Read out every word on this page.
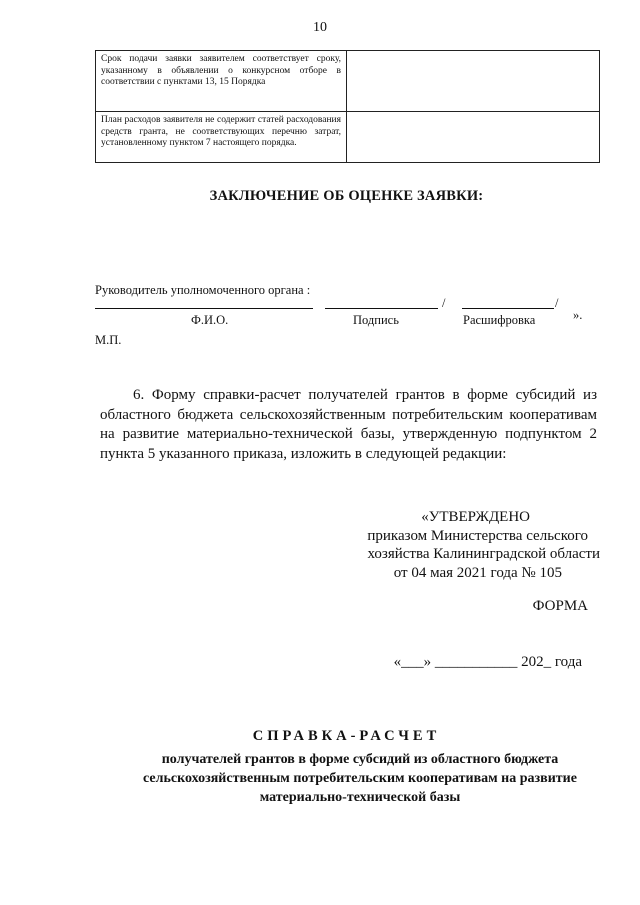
10
Срок подачи заявки заявителем соответствует сроку, указанному в объявлении о конкурсном отборе в соответствии с пунктами 13, 15 Порядка	
План расходов заявителя не содержит статей расходования средств гранта, не соответствующих перечню затрат, установленному пунктом 7 настоящего порядка.	
ЗАКЛЮЧЕНИЕ ОБ ОЦЕНКЕ ЗАЯВКИ:
Руководитель уполномоченного органа :
/	/
».
Ф.И.О.	Подпись	Расшифровка
М.П.
6. Форму справки-расчет получателей грантов в форме субсидий из областного бюджета сельскохозяйственным потребительским кооперативам на развитие материально-технической базы, утвержденную подпунктом 2 пункта 5 указанного приказа, изложить в следующей редакции:
«УТВЕРЖДЕНО
приказом Министерства сельского
хозяйства Калининградской области
от 04 мая 2021 года № 105
ФОРМА
«___» ___________ 202_ года
СПРАВКА-РАСЧЕТ
получателей грантов в форме субсидий из областного бюджета сельскохозяйственным потребительским кооперативам на развитие материально-технической базы
